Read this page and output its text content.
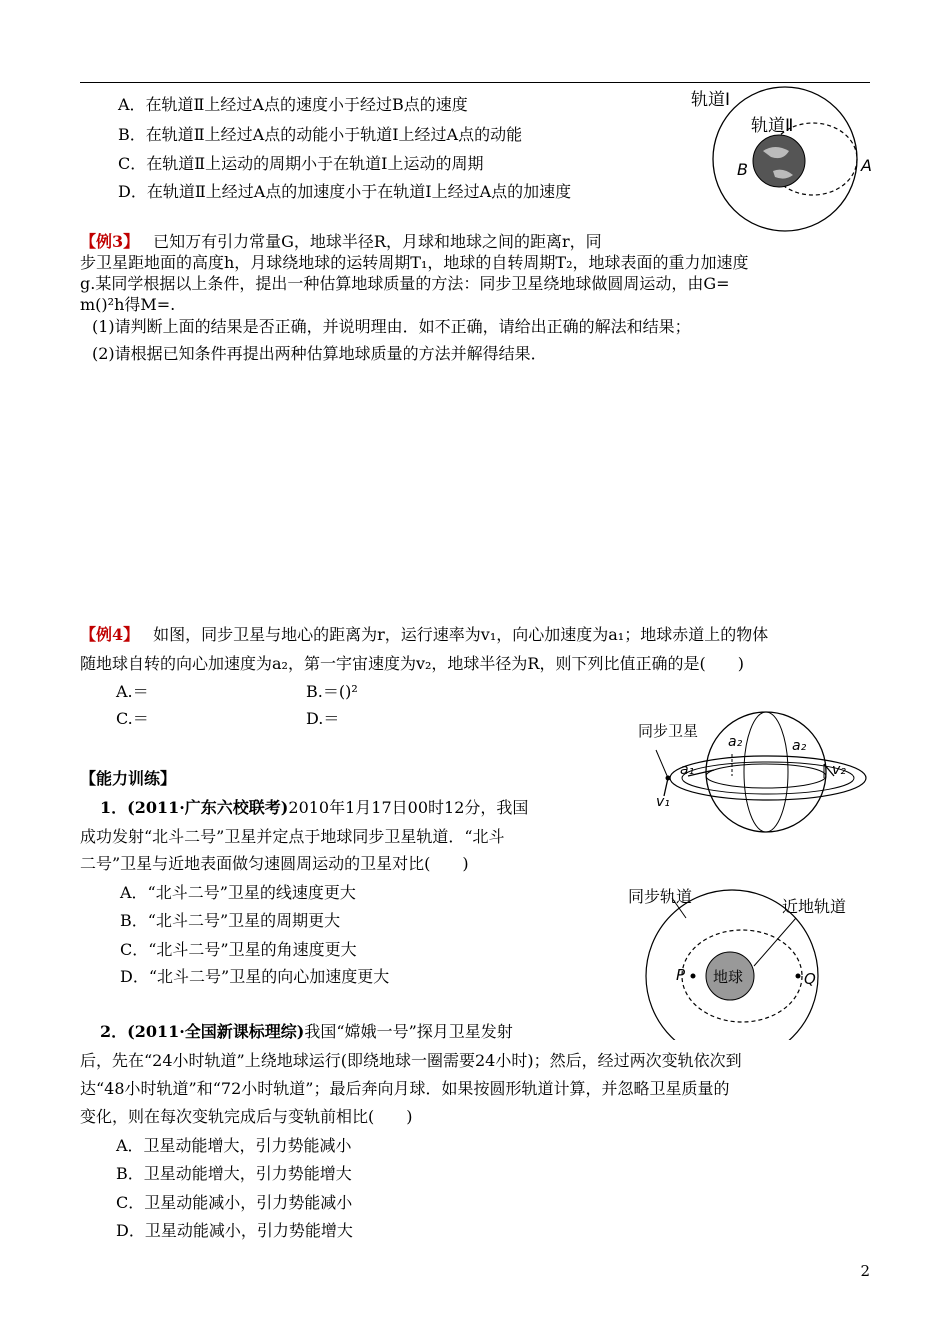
A．在轨道Ⅱ上经过A点的速度小于经过B点的速度
B．在轨道Ⅱ上经过A点的动能小于轨道Ⅰ上经过A点的动能
C．在轨道Ⅱ上运动的周期小于在轨道Ⅰ上运动的周期
D．在轨道Ⅱ上经过A点的加速度小于在轨道Ⅰ上经过A点的加速度
轨道Ⅰ
轨道Ⅱ
B	A
【例3】 已知万有引力常量G，地球半径R，月球和地球之间的距离r，同
步卫星距地面的高度h，月球绕地球的运转周期T₁，地球的自转周期T₂，地球表面的重力加速度
g.某同学根据以上条件，提出一种估算地球质量的方法：同步卫星绕地球做圆周运动，由G=
m()²h得M=.
(1)请判断上面的结果是否正确，并说明理由．如不正确，请给出正确的解法和结果；
(2)请根据已知条件再提出两种估算地球质量的方法并解得结果．
【例4】 如图，同步卫星与地心的距离为r，运行速率为v₁，向心加速度为a₁；地球赤道上的物体
随地球自转的向心加速度为a₂，第一宇宙速度为v₂，地球半径为R，则下列比值正确的是(　　)
A.＝	B.＝()²
C.＝	D.＝
同步卫星
a₂	a₂
a₁
v₁
v₂
【能力训练】
1．(2011·广东六校联考)2010年1月17日00时12分，我国
成功发射“北斗二号”卫星并定点于地球同步卫星轨道．“北斗
二号”卫星与近地表面做匀速圆周运动的卫星对比(　　)
A．“北斗二号”卫星的线速度更大
B．“北斗二号”卫星的周期更大
C．“北斗二号”卫星的角速度更大
D．“北斗二号”卫星的向心加速度更大
同步轨道
近地轨道
地球
P	Q
2．(2011·全国新课标理综)我国“嫦娥一号”探月卫星发射
后，先在“24小时轨道”上绕地球运行(即绕地球一圈需要24小时)；然后，经过两次变轨依次到
达“48小时轨道”和“72小时轨道”；最后奔向月球．如果按圆形轨道计算，并忽略卫星质量的
变化，则在每次变轨完成后与变轨前相比(　　)
A．卫星动能增大，引力势能减小
B．卫星动能增大，引力势能增大
C．卫星动能减小，引力势能减小
D．卫星动能减小，引力势能增大
2
